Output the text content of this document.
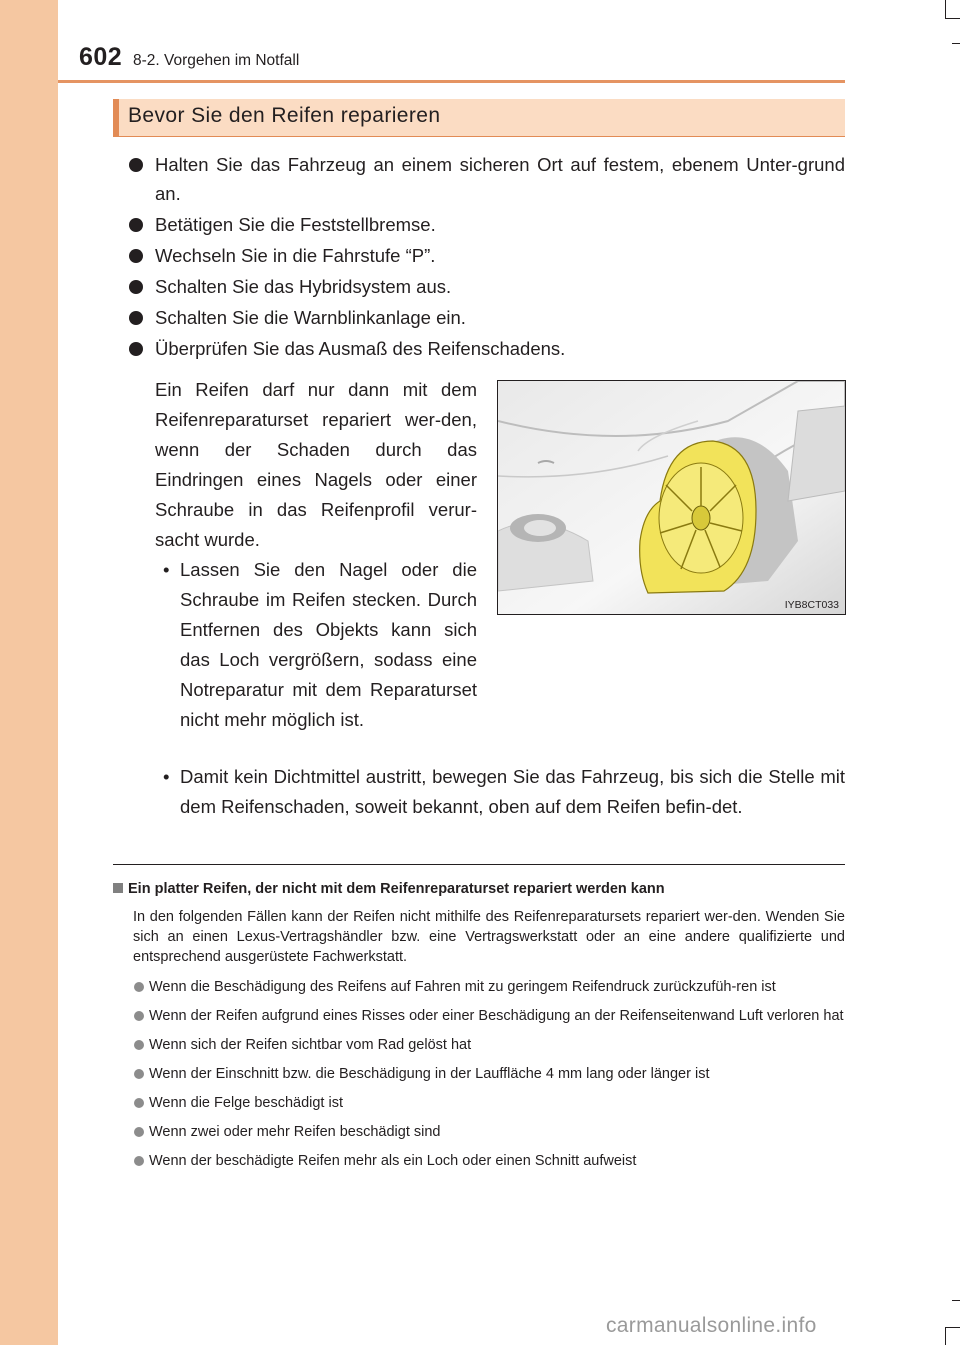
602 8-2. Vorgehen im Notfall
Bevor Sie den Reifen reparieren
Halten Sie das Fahrzeug an einem sicheren Ort auf festem, ebenem Unter-grund an.
Betätigen Sie die Feststellbremse.
Wechseln Sie in die Fahrstufe “P”.
Schalten Sie das Hybridsystem aus.
Schalten Sie die Warnblinkanlage ein.
Überprüfen Sie das Ausmaß des Reifenschadens.

Ein Reifen darf nur dann mit dem Reifenreparaturset repariert wer-den, wenn der Schaden durch das Eindringen eines Nagels oder einer Schraube in das Reifenprofil verur-sacht wurde.

• Lassen Sie den Nagel oder die Schraube im Reifen stecken. Durch Entfernen des Objekts kann sich das Loch vergrößern, sodass eine Notreparatur mit dem Reparaturset nicht mehr möglich ist.
• Damit kein Dichtmittel austritt, bewegen Sie das Fahrzeug, bis sich die Stelle mit dem Reifenschaden, soweit bekannt, oben auf dem Reifen befin-det.
IYB8CT033
Ein platter Reifen, der nicht mit dem Reifenreparaturset repariert werden kann

In den folgenden Fällen kann der Reifen nicht mithilfe des Reifenreparatursets repariert wer-den. Wenden Sie sich an einen Lexus-Vertragshändler bzw. eine Vertragswerkstatt oder an eine andere qualifizierte und entsprechend ausgerüstete Fachwerkstatt.

Wenn die Beschädigung des Reifens auf Fahren mit zu geringem Reifendruck zurückzufüh-ren ist
Wenn der Reifen aufgrund eines Risses oder einer Beschädigung an der Reifenseitenwand Luft verloren hat
Wenn sich der Reifen sichtbar vom Rad gelöst hat
Wenn der Einschnitt bzw. die Beschädigung in der Lauffläche 4 mm lang oder länger ist
Wenn die Felge beschädigt ist
Wenn zwei oder mehr Reifen beschädigt sind
Wenn der beschädigte Reifen mehr als ein Loch oder einen Schnitt aufweist
carmanualsonline.info
